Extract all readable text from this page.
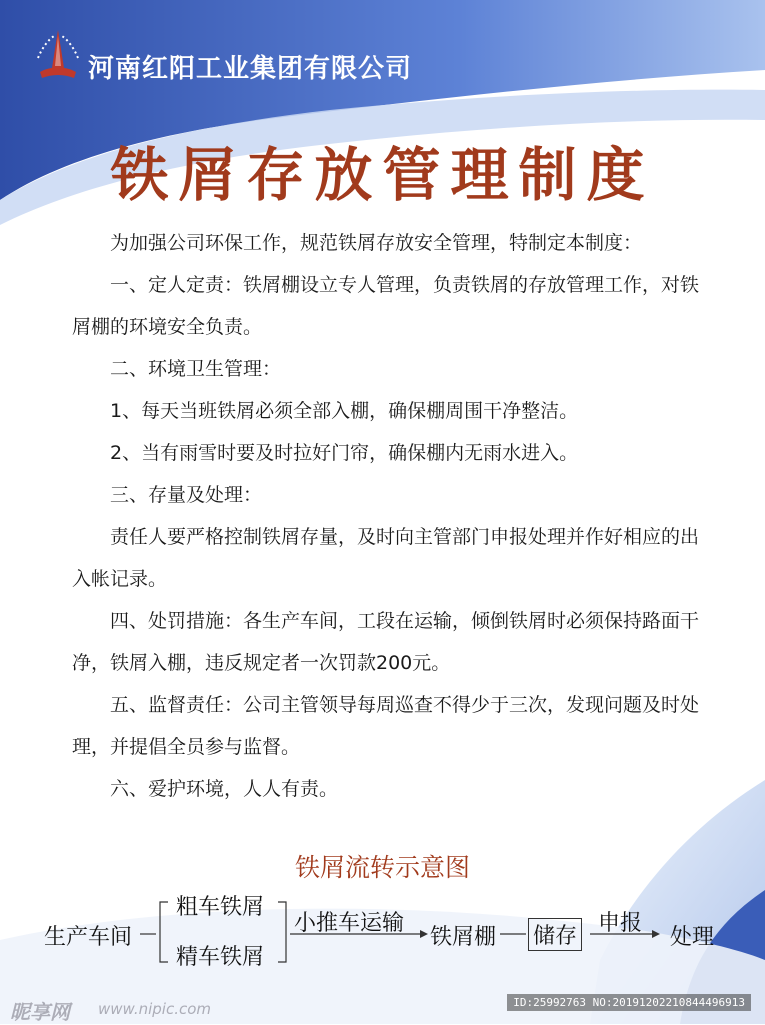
河南红阳工业集团有限公司
铁屑存放管理制度

为加强公司环保工作，规范铁屑存放安全管理，特制定本制度：

一、定人定责：铁屑棚设立专人管理，负责铁屑的存放管理工作，对铁屑棚的环境安全负责。

二、环境卫生管理：

1、每天当班铁屑必须全部入棚，确保棚周围干净整洁。

2、当有雨雪时要及时拉好门帘，确保棚内无雨水进入。

三、存量及处理：

责任人要严格控制铁屑存量，及时向主管部门申报处理并作好相应的出入帐记录。

四、处罚措施：各生产车间，工段在运输，倾倒铁屑时必须保持路面干净，铁屑入棚，违反规定者一次罚款200元。

五、监督责任：公司主管领导每周巡查不得少于三次，发现问题及时处理，并提倡全员参与监督。

六、爱护环境，人人有责。

铁屑流转示意图
生产车间
粗车铁屑
精车铁屑
小推车运输
铁屑棚 储存
申报
处理
昵享网 www.nipic.com	ID:25992763 NO:20191202210844496913
